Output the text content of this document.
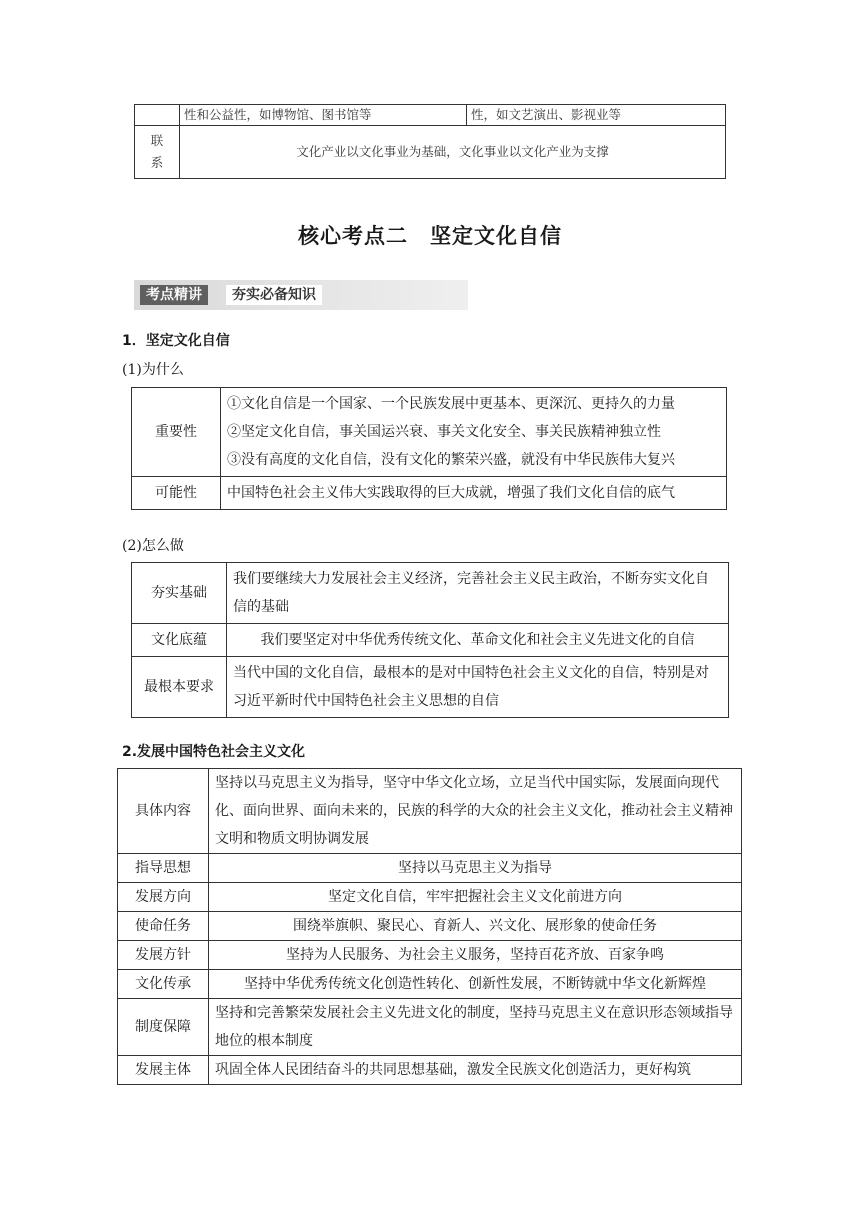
	性和公益性，如博物馆、图书馆等	性，如文艺演出、影视业等

联
系	文化产业以文化事业为基础，文化事业以文化产业为支撑	
核心考点二　坚定文化自信
考点精讲	夯实必备知识
1．坚定文化自信
(1)为什么
重要性	①文化自信是一个国家、一个民族发展中更基本、更深沉、更持久的力量
②坚定文化自信，事关国运兴衰、事关文化安全、事关民族精神独立性
③没有高度的文化自信，没有文化的繁荣兴盛，就没有中华民族伟大复兴

可能性	中国特色社会主义伟大实践取得的巨大成就，增强了我们文化自信的底气
(2)怎么做
夯实基础	我们要继续大力发展社会主义经济，完善社会主义民主政治，不断夯实文化自信的基础
文化底蕴	我们要坚定对中华优秀传统文化、革命文化和社会主义先进文化的自信
最根本要求	当代中国的文化自信，最根本的是对中国特色社会主义文化的自信，特别是对习近平新时代中国特色社会主义思想的自信
2.发展中国特色社会主义文化
具体内容	坚持以马克思主义为指导，坚守中华文化立场，立足当代中国实际，发展面向现代化、面向世界、面向未来的，民族的科学的大众的社会主义文化，推动社会主义精神文明和物质文明协调发展
指导思想	坚持以马克思主义为指导
发展方向	坚定文化自信，牢牢把握社会主义文化前进方向
使命任务	围绕举旗帜、聚民心、育新人、兴文化、展形象的使命任务
发展方针	坚持为人民服务、为社会主义服务，坚持百花齐放、百家争鸣
文化传承	坚持中华优秀传统文化创造性转化、创新性发展，不断铸就中华文化新辉煌
制度保障	坚持和完善繁荣发展社会主义先进文化的制度，坚持马克思主义在意识形态领域指导地位的根本制度
发展主体	巩固全体人民团结奋斗的共同思想基础，激发全民族文化创造活力，更好构筑
